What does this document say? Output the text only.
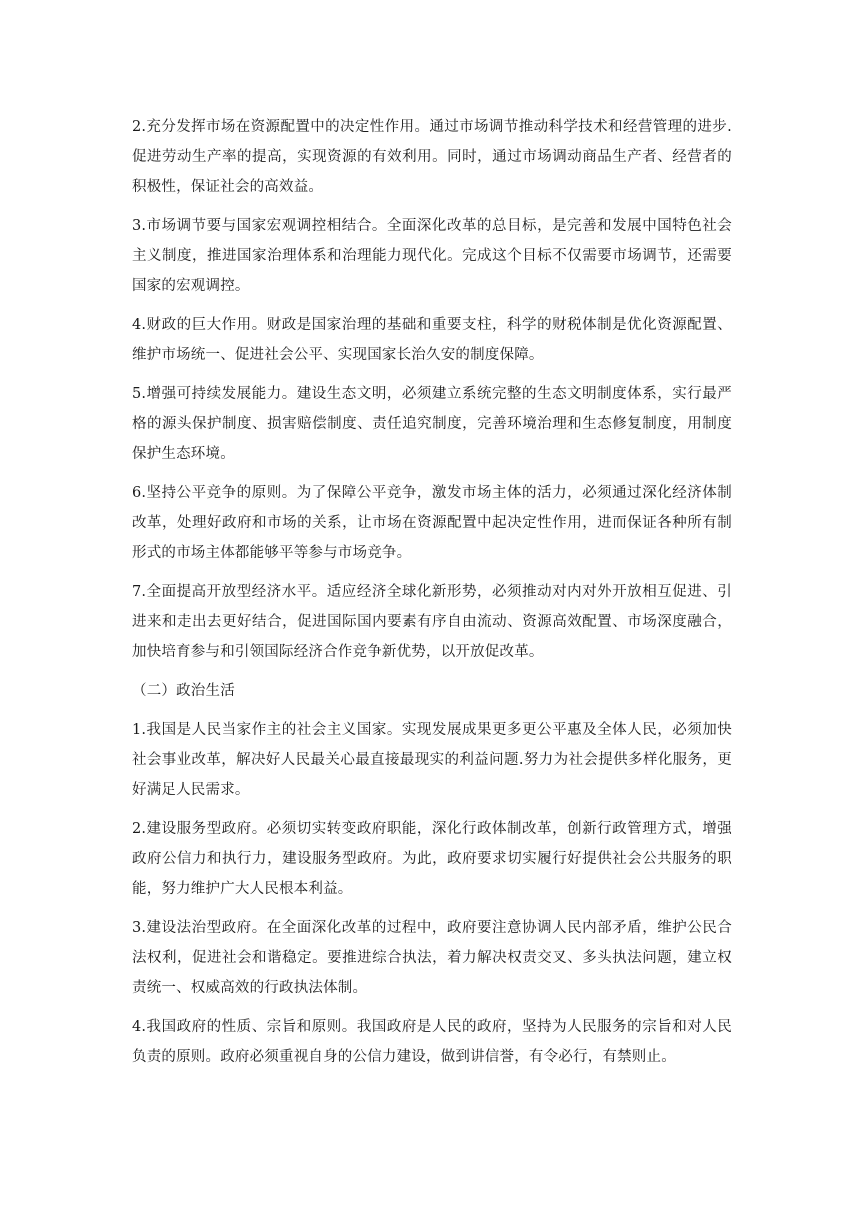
2.充分发挥市场在资源配置中的决定性作用。通过市场调节推动科学技术和经营管理的进步.促进劳动生产率的提高，实现资源的有效利用。同时，通过市场调动商品生产者、经营者的积极性，保证社会的高效益。

3.市场调节要与国家宏观调控相结合。全面深化改革的总目标，是完善和发展中国特色社会主义制度，推进国家治理体系和治理能力现代化。完成这个目标不仅需要市场调节，还需要国家的宏观调控。

4.财政的巨大作用。财政是国家治理的基础和重要支柱，科学的财税体制是优化资源配置、维护市场统一、促进社会公平、实现国家长治久安的制度保障。

5.增强可持续发展能力。建设生态文明，必须建立系统完整的生态文明制度体系，实行最严格的源头保护制度、损害赔偿制度、责任追究制度，完善环境治理和生态修复制度，用制度保护生态环境。

6.坚持公平竞争的原则。为了保障公平竞争，激发市场主体的活力，必须通过深化经济体制改革，处理好政府和市场的关系，让市场在资源配置中起决定性作用，进而保证各种所有制形式的市场主体都能够平等参与市场竞争。

7.全面提高开放型经济水平。适应经济全球化新形势，必须推动对内对外开放相互促进、引进来和走出去更好结合，促进国际国内要素有序自由流动、资源高效配置、市场深度融合，加快培育参与和引领国际经济合作竞争新优势，以开放促改革。

（二）政治生活

1.我国是人民当家作主的社会主义国家。实现发展成果更多更公平惠及全体人民，必须加快社会事业改革，解决好人民最关心最直接最现实的利益问题.努力为社会提供多样化服务，更好满足人民需求。

2.建设服务型政府。必须切实转变政府职能，深化行政体制改革，创新行政管理方式，增强政府公信力和执行力，建设服务型政府。为此，政府要求切实履行好提供社会公共服务的职能，努力维护广大人民根本利益。

3.建设法治型政府。在全面深化改革的过程中，政府要注意协调人民内部矛盾，维护公民合法权利，促进社会和谐稳定。要推进综合执法，着力解决权责交叉、多头执法问题，建立权责统一、权威高效的行政执法体制。

4.我国政府的性质、宗旨和原则。我国政府是人民的政府，坚持为人民服务的宗旨和对人民负责的原则。政府必须重视自身的公信力建设，做到讲信誉，有令必行，有禁则止。
